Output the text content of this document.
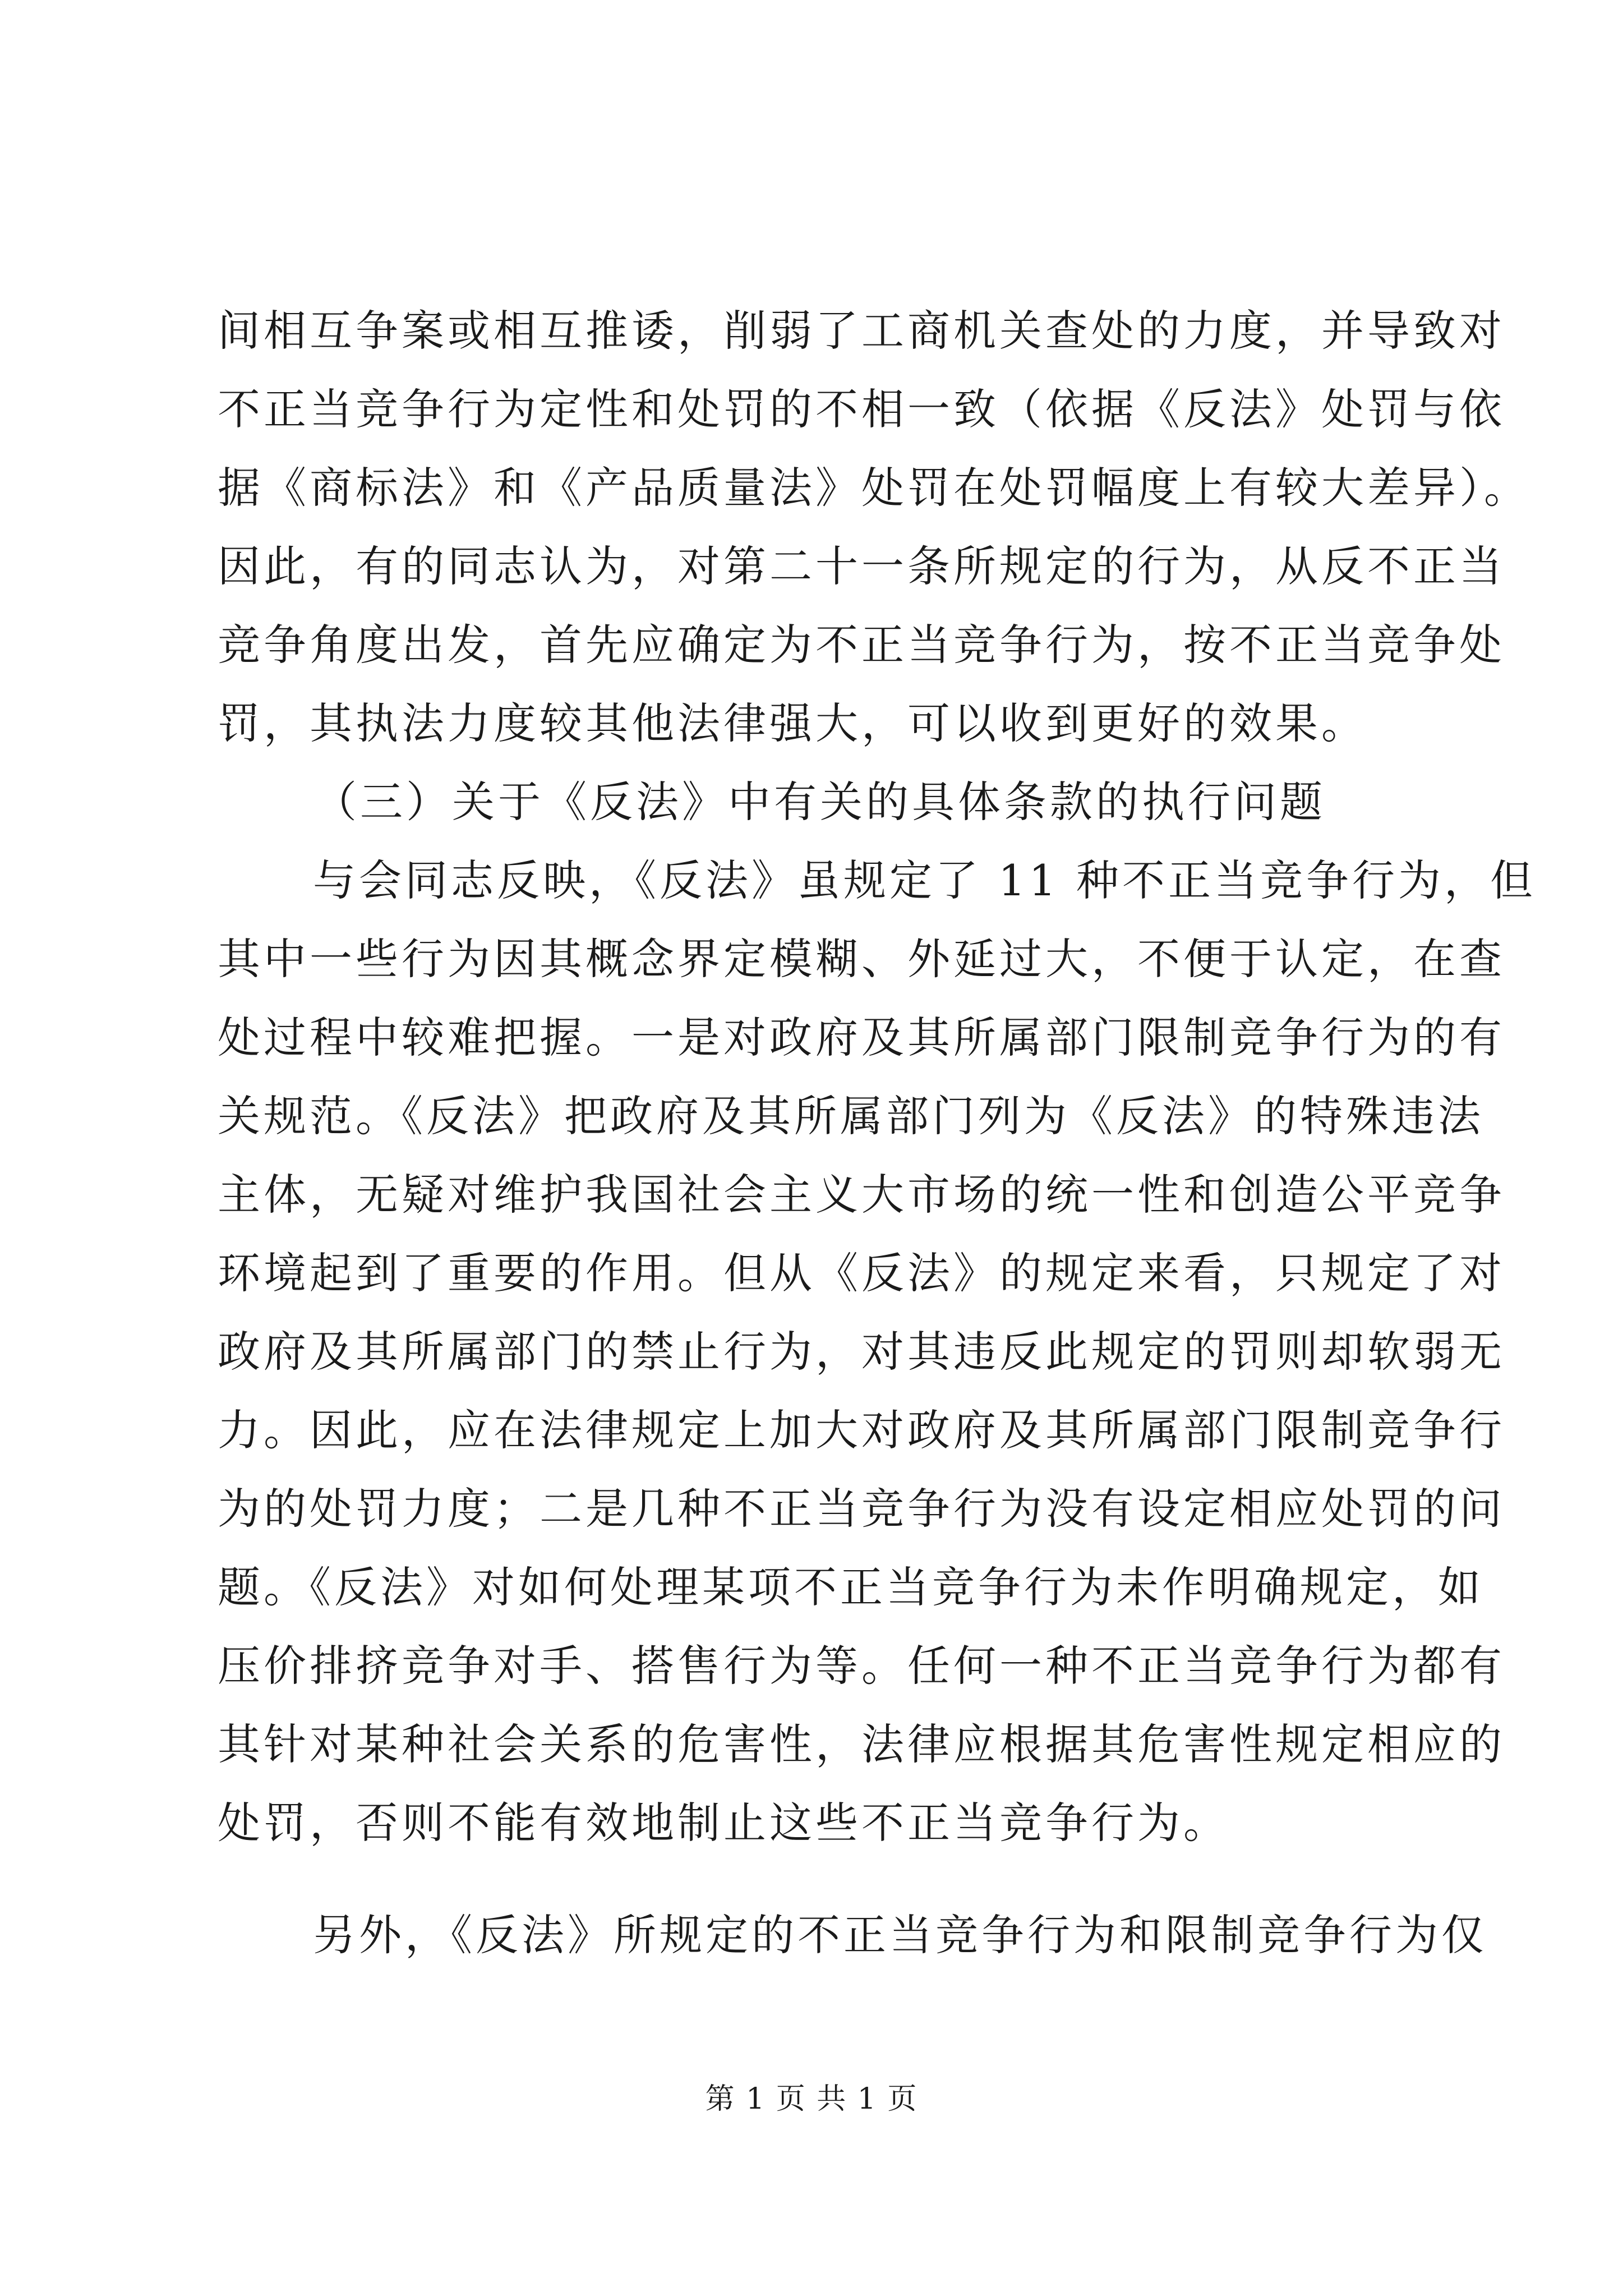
间相互争案或相互推诿，削弱了工商机关查处的力度，并导致对
不正当竞争行为定性和处罚的不相一致（依据《反法》处罚与依
据《商标法》和《产品质量法》处罚在处罚幅度上有较大差异）。
因此，有的同志认为，对第二十一条所规定的行为，从反不正当
竞争角度出发，首先应确定为不正当竞争行为，按不正当竞争处
罚，其执法力度较其他法律强大，可以收到更好的效果。
（三）关于《反法》中有关的具体条款的执行问题
与会同志反映，《反法》虽规定了 11 种不正当竞争行为，但
其中一些行为因其概念界定模糊、外延过大，不便于认定，在查
处过程中较难把握。一是对政府及其所属部门限制竞争行为的有
关规范。《反法》把政府及其所属部门列为《反法》的特殊违法
主体，无疑对维护我国社会主义大市场的统一性和创造公平竞争
环境起到了重要的作用。但从《反法》的规定来看，只规定了对
政府及其所属部门的禁止行为，对其违反此规定的罚则却软弱无
力。因此，应在法律规定上加大对政府及其所属部门限制竞争行
为的处罚力度；二是几种不正当竞争行为没有设定相应处罚的问
题。《反法》对如何处理某项不正当竞争行为未作明确规定，如
压价排挤竞争对手、搭售行为等。任何一种不正当竞争行为都有
其针对某种社会关系的危害性，法律应根据其危害性规定相应的
处罚，否则不能有效地制止这些不正当竞争行为。
另外，《反法》所规定的不正当竞争行为和限制竞争行为仅
第 1 页 共 1 页
